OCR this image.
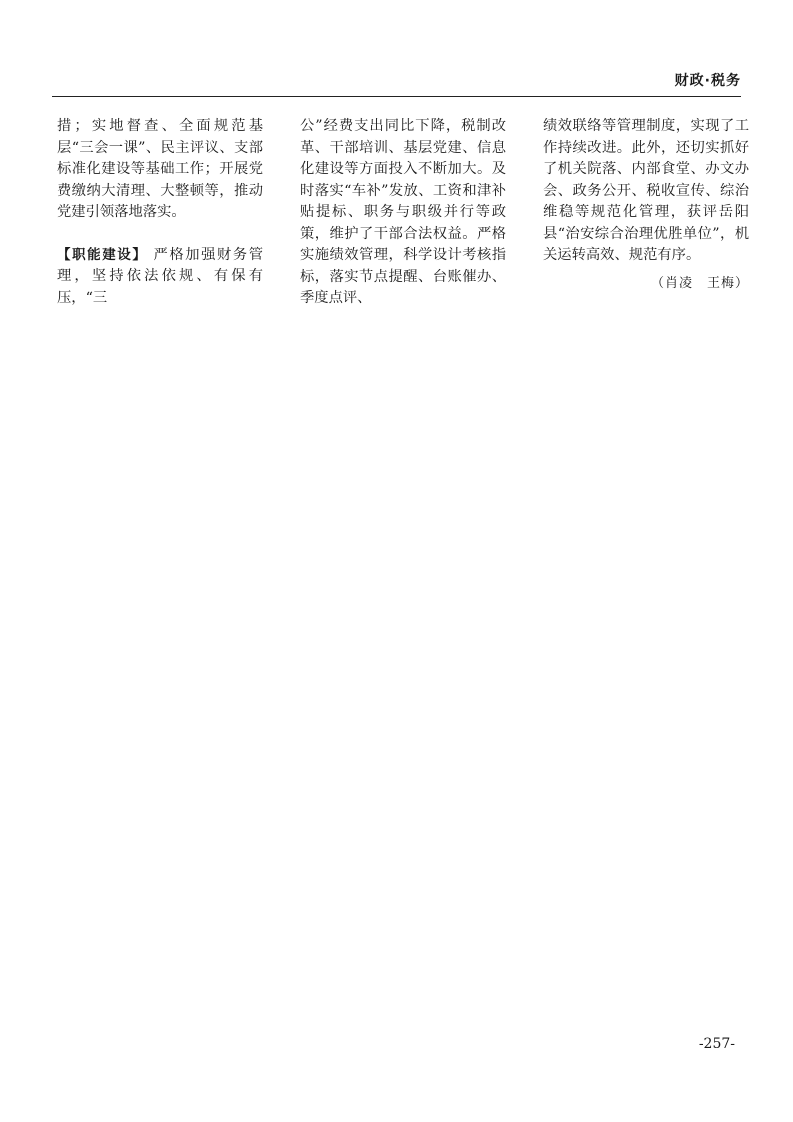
财政·税务

措；实地督查、全面规范基层“三会一课”、民主评议、支部标准化建设等基础工作；开展党费缴纳大清理、大整顿等，推动党建引领落地落实。

【职能建设】 严格加强财务管理，坚持依法依规、有保有压，“三

公”经费支出同比下降，税制改革、干部培训、基层党建、信息化建设等方面投入不断加大。及时落实“车补”发放、工资和津补贴提标、职务与职级并行等政策，维护了干部合法权益。严格实施绩效管理，科学设计考核指标，落实节点提醒、台账催办、季度点评、

绩效联络等管理制度，实现了工作持续改进。此外，还切实抓好了机关院落、内部食堂、办文办会、政务公开、税收宣传、综治维稳等规范化管理，获评岳阳县“治安综合治理优胜单位”，机关运转高效、规范有序。

（肖凌　王梅）

-257-
